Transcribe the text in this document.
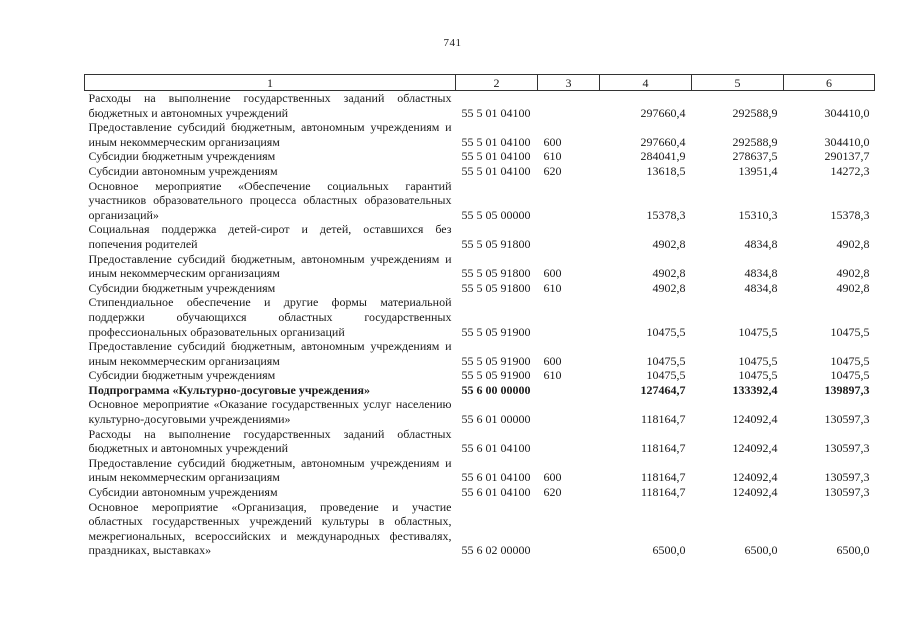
741
1	2	3	4	5	6
Расходы на выполнение государственных заданий областных бюджетных и автономных учреждений	55 5 01 04100		297660,4	292588,9	304410,0
Предоставление субсидий бюджетным, автономным учреждениям и иным некоммерческим организациям	55 5 01 04100	600	297660,4	292588,9	304410,0
Субсидии бюджетным учреждениям	55 5 01 04100	610	284041,9	278637,5	290137,7
Субсидии автономным учреждениям	55 5 01 04100	620	13618,5	13951,4	14272,3
Основное мероприятие «Обеспечение социальных гарантий участников образовательного процесса областных образовательных организаций»	55 5 05 00000		15378,3	15310,3	15378,3
Социальная поддержка детей-сирот и детей, оставшихся без попечения родителей	55 5 05 91800		4902,8	4834,8	4902,8
Предоставление субсидий бюджетным, автономным учреждениям и иным некоммерческим организациям	55 5 05 91800	600	4902,8	4834,8	4902,8
Субсидии бюджетным учреждениям	55 5 05 91800	610	4902,8	4834,8	4902,8
Стипендиальное обеспечение и другие формы материальной поддержки обучающихся областных государственных профессиональных образовательных организаций	55 5 05 91900		10475,5	10475,5	10475,5
Предоставление субсидий бюджетным, автономным учреждениям и иным некоммерческим организациям	55 5 05 91900	600	10475,5	10475,5	10475,5
Субсидии бюджетным учреждениям	55 5 05 91900	610	10475,5	10475,5	10475,5
Подпрограмма «Культурно-досуговые учреждения»	55 6 00 00000		127464,7	133392,4	139897,3
Основное мероприятие «Оказание государственных услуг населению культурно-досуговыми учреждениями»	55 6 01 00000		118164,7	124092,4	130597,3
Расходы на выполнение государственных заданий областных бюджетных и автономных учреждений	55 6 01 04100		118164,7	124092,4	130597,3
Предоставление субсидий бюджетным, автономным учреждениям и иным некоммерческим организациям	55 6 01 04100	600	118164,7	124092,4	130597,3
Субсидии автономным учреждениям	55 6 01 04100	620	118164,7	124092,4	130597,3
Основное мероприятие «Организация, проведение и участие областных государственных учреждений культуры в областных, межрегиональных, всероссийских и международных фестивалях, праздниках, выставках»	55 6 02 00000		6500,0	6500,0	6500,0
